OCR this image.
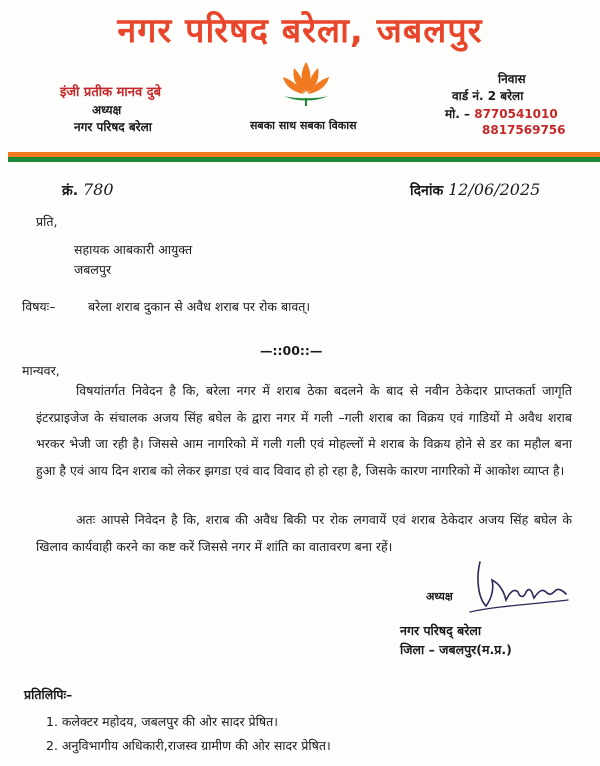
नगर परिषद बरेला, जबलपुर
इंजी प्रतीक मानव दुबे
अध्यक्ष
नगर परिषद बरेला	सबका साथ सबका विकास
निवास
वार्ड नं. 2 बरेला
मो. – 8770541010
8817569756
क्रं. 780	दिनांक 12/06/2025
प्रति,
सहायक आबकारी आयुक्त
जबलपुर
विषयः–	बरेला शराब दुकान से अवैध शराब पर रोक बावत्।
—::00::—
मान्यवर,
विषयांतर्गत निवेदन है कि, बरेला नगर में शराब ठेका बदलने के बाद से नवीन ठेकेदार प्राप्तकर्ता जागृति इंटरप्राइजेज के संचालक अजय सिंह बघेल के द्वारा नगर में गली –गली शराब का विक्रय एवं गाडियों मे अवैध शराब भरकर भेजी जा रही है। जिससे आम नागरिको में गली गली एवं मोहल्लों मे शराब के विक्रय होने से डर का महौल बना हुआ है एवं आय दिन शराब को लेकर झगडा एवं वाद विवाद हो हो रहा है, जिसके कारण नागरिको में आकोश व्याप्त है।
अतः आपसे निवेदन है कि, शराब की अवैध बिकी पर रोक लगवायें एवं शराब ठेकेदार अजय सिंह बघेल के खिलाव कार्यवाही करने का कष्ट करें जिससे नगर में शांति का वातावरण बना रहें।
अध्यक्ष
नगर परिषद् बरेला
जिला – जबलपुर(म.प्र.)
प्रतिलिपिः–
1. कलेक्टर महोदय, जबलपुर की ओर सादर प्रेषित।
2. अनुविभागीय अधिकारी,राजस्व ग्रामीण की ओर सादर प्रेषित।
